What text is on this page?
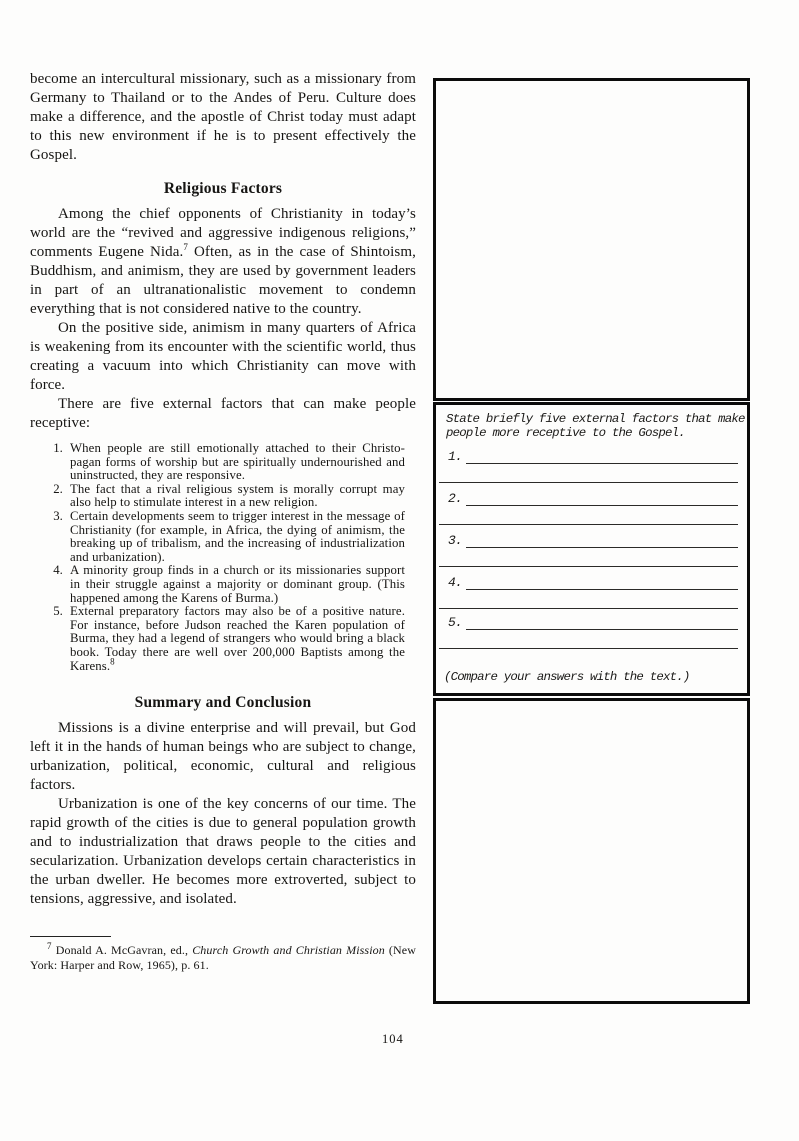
become an intercultural missionary, such as a missionary from Germany to Thailand or to the Andes of Peru. Culture does make a difference, and the apostle of Christ today must adapt to this new environment if he is to present effectively the Gospel.

Religious Factors

Among the chief opponents of Christianity in today’s world are the “revived and aggressive indigenous religions,” comments Eugene Nida.$^7$ Often, as in the case of Shintoism, Buddhism, and animism, they are used by government leaders in part of an ultranationalistic movement to condemn everything that is not considered native to the country.

On the positive side, animism in many quarters of Africa is weakening from its encounter with the scientific world, thus creating a vacuum into which Christianity can move with force.

There are five external factors that can make people receptive:

1. When people are still emotionally attached to their Christo-pagan forms of worship but are spiritually undernourished and uninstructed, they are responsive.
2. The fact that a rival religious system is morally corrupt may also help to stimulate interest in a new religion.
3. Certain developments seem to trigger interest in the message of Christianity (for example, in Africa, the dying of animism, the breaking up of tribalism, and the increasing of industrialization and urbanization).
4. A minority group finds in a church or its missionaries support in their struggle against a majority or dominant group. (This happened among the Karens of Burma.)
5. External preparatory factors may also be of a positive nature. For instance, before Judson reached the Karen population of Burma, they had a legend of strangers who would bring a black book. Today there are well over 200,000 Baptists among the Karens.$^8$
Summary and Conclusion

Missions is a divine enterprise and will prevail, but God left it in the hands of human beings who are subject to change, urbanization, political, economic, cultural and religious factors.

Urbanization is one of the key concerns of our time. The rapid growth of the cities is due to general population growth and to industrialization that draws people to the cities and secularization. Urbanization develops certain characteristics in the urban dweller. He becomes more extroverted, subject to tensions, aggressive, and isolated.

$^7$ Donald A. McGavran, ed., Church Growth and Christian Mission (New York: Harper and Row, 1965), p. 61.
State briefly five external factors that make
people more receptive to the Gospel.
1.
2.
3.
4.
5.
(Compare your answers with the text.)
104
